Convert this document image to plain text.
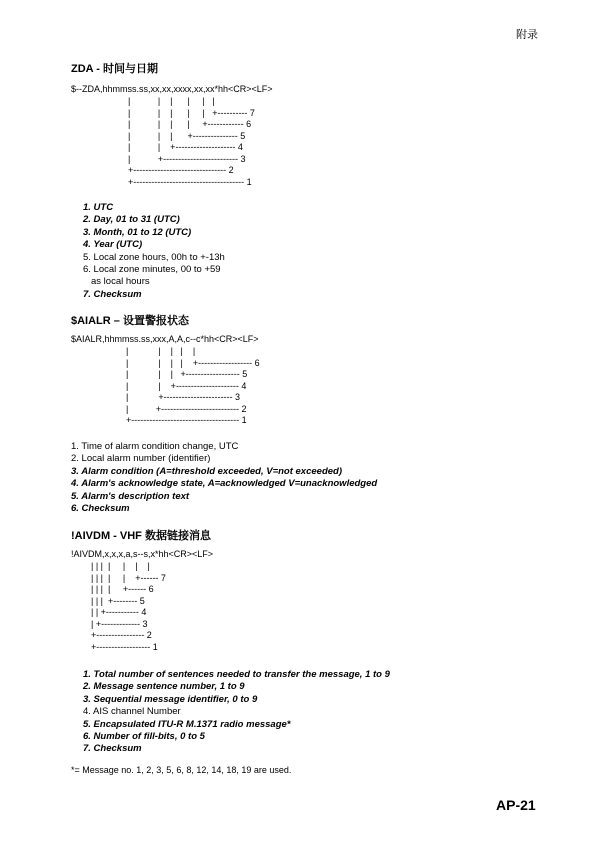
附录
ZDA - 时间与日期
$--ZDA,hhmmss.ss,xx,xx,xxxx,xx,xx*hh<CR><LF>
|           |    |      |     |   |
|           |    |      |     |   +---------- 7
|           |    |      |     +------------ 6
|           |    |      +--------------- 5
|           |    +-------------------- 4
|           +------------------------- 3
+------------------------------- 2
+------------------------------------- 1
1. UTC
2. Day, 01 to 31 (UTC)
3. Month, 01 to 12 (UTC)
4. Year (UTC)
5. Local zone hours, 00h to +-13h
6. Local zone minutes, 00 to +59
as local hours
7. Checksum
$AIALR – 设置警报状态
$AIALR,hhmmss.ss,xxx,A,A,c--c*hh<CR><LF>
|            |    |   |    |
|            |    |   |    +------------------ 6
|            |    |   +------------------ 5
|            |    +--------------------- 4
|            +----------------------- 3
|           +-------------------------- 2
+------------------------------------ 1
1. Time of alarm condition change, UTC
2. Local alarm number (identifier)
3. Alarm condition (A=threshold exceeded, V=not exceeded)
4. Alarm's acknowledge state, A=acknowledged V=unacknowledged
5. Alarm's description text
6. Checksum
!AIVDM - VHF 数据链接消息
!AIVDM,x,x,x,a,s--s,x*hh<CR><LF>
| | |  |     |    |    |
| | |  |     |    +------ 7
| | |  |     +------ 6
| | |  +-------- 5
| | +----------- 4
| +------------- 3
+---------------- 2
+------------------ 1
1. Total number of sentences needed to transfer the message, 1 to 9
2. Message sentence number, 1 to 9
3. Sequential message identifier, 0 to 9
4. AIS channel Number
5. Encapsulated ITU-R M.1371 radio message*
6. Number of fill-bits, 0 to 5
7. Checksum
*= Message no. 1, 2, 3, 5, 6, 8, 12, 14, 18, 19 are used.
AP-21
